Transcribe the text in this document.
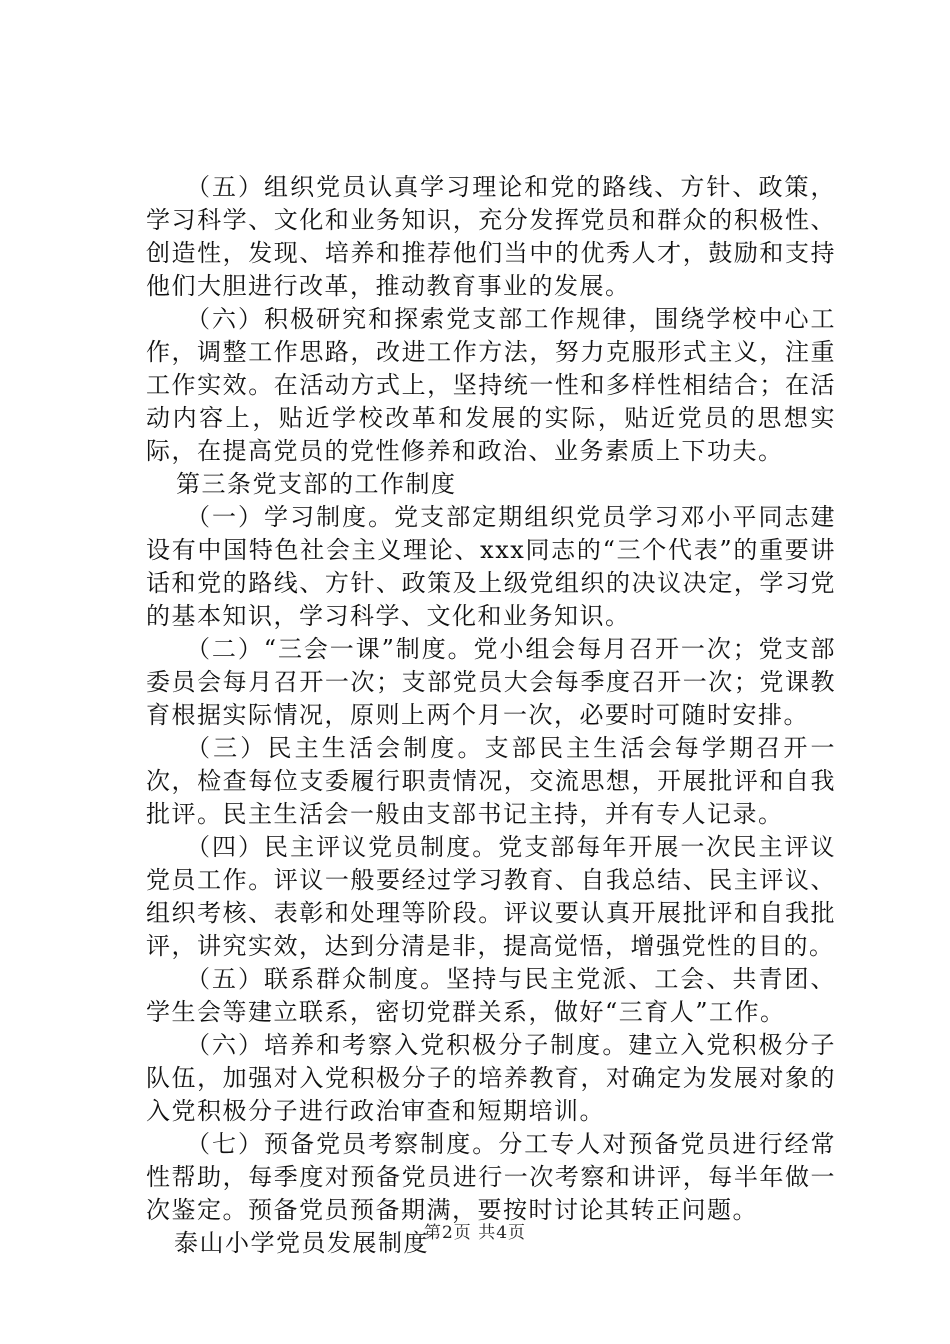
（五）组织党员认真学习理论和党的路线、方针、政策，学习科学、文化和业务知识，充分发挥党员和群众的积极性、创造性，发现、培养和推荐他们当中的优秀人才，鼓励和支持他们大胆进行改革，推动教育事业的发展。

（六）积极研究和探索党支部工作规律，围绕学校中心工作，调整工作思路，改进工作方法，努力克服形式主义，注重工作实效。在活动方式上，坚持统一性和多样性相结合；在活动内容上，贴近学校改革和发展的实际，贴近党员的思想实际，在提高党员的党性修养和政治、业务素质上下功夫。

第三条党支部的工作制度

（一）学习制度。党支部定期组织党员学习邓小平同志建设有中国特色社会主义理论、xxx同志的“三个代表”的重要讲话和党的路线、方针、政策及上级党组织的决议决定，学习党的基本知识，学习科学、文化和业务知识。

（二）“三会一课”制度。党小组会每月召开一次；党支部委员会每月召开一次；支部党员大会每季度召开一次；党课教育根据实际情况，原则上两个月一次，必要时可随时安排。

（三）民主生活会制度。支部民主生活会每学期召开一次，检查每位支委履行职责情况，交流思想，开展批评和自我批评。民主生活会一般由支部书记主持，并有专人记录。

（四）民主评议党员制度。党支部每年开展一次民主评议党员工作。评议一般要经过学习教育、自我总结、民主评议、组织考核、表彰和处理等阶段。评议要认真开展批评和自我批评，讲究实效，达到分清是非，提高觉悟，增强党性的目的。

（五）联系群众制度。坚持与民主党派、工会、共青团、学生会等建立联系，密切党群关系，做好“三育人”工作。

（六）培养和考察入党积极分子制度。建立入党积极分子队伍，加强对入党积极分子的培养教育，对确定为发展对象的入党积极分子进行政治审查和短期培训。

（七）预备党员考察制度。分工专人对预备党员进行经常性帮助，每季度对预备党员进行一次考察和讲评，每半年做一次鉴定。预备党员预备期满，要按时讨论其转正问题。

泰山小学党员发展制度

第2页 共4页
